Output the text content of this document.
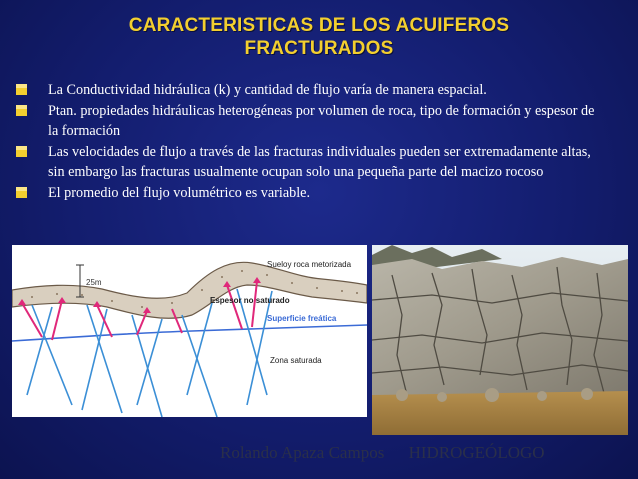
CARACTERISTICAS DE LOS ACUIFEROS
FRACTURADOS
La Conductividad hidráulica (k) y cantidad de flujo varía de manera espacial.
Ptan. propiedades hidráulicas heterogéneas por volumen de roca, tipo de formación y espesor de la formación
Las velocidades de flujo a través de las fracturas individuales pueden ser extremadamente altas, sin embargo las fracturas usualmente ocupan solo una pequeña parte del macizo rocoso
El promedio del flujo volumétrico es variable.
25m
Sueloy roca metorizada
Espesor no saturado
Superficie freática
Zona saturada
Rolando Apaza Campos HIDROGEÓLOGO
